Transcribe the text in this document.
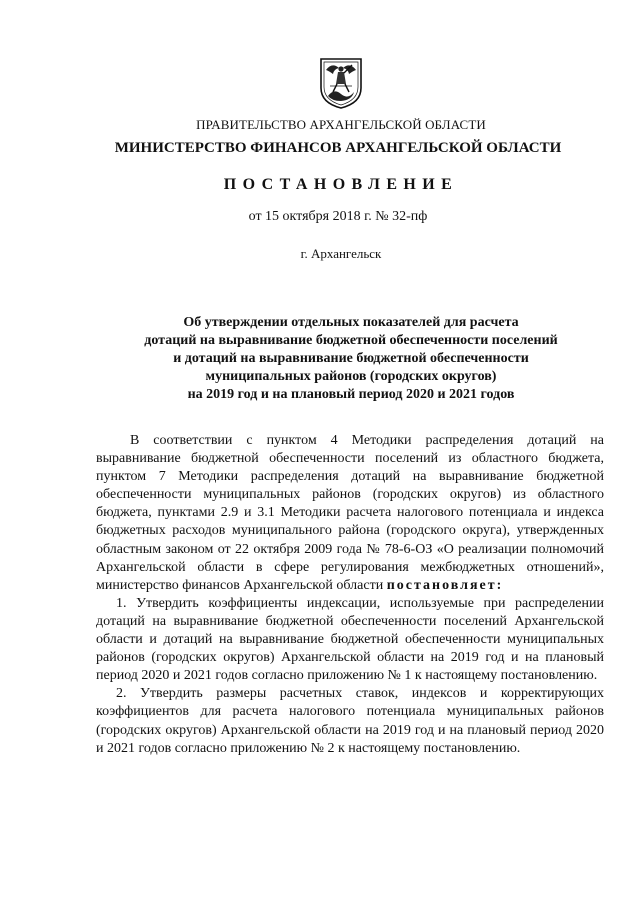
ПРАВИТЕЛЬСТВО АРХАНГЕЛЬСКОЙ ОБЛАСТИ
МИНИСТЕРСТВО ФИНАНСОВ АРХАНГЕЛЬСКОЙ ОБЛАСТИ
ПОСТАНОВЛЕНИЕ
от 15 октября 2018 г. № 32-пф
г. Архангельск
Об утверждении отдельных показателей для расчета
дотаций на выравнивание бюджетной обеспеченности поселений
и дотаций на выравнивание бюджетной обеспеченности
муниципальных районов (городских округов)
на 2019 год и на плановый период 2020 и 2021 годов

В соответствии с пунктом 4 Методики распределения дотаций на выравнивание бюджетной обеспеченности поселений из областного бюджета, пунктом 7 Методики распределения дотаций на выравнивание бюджетной обеспеченности муниципальных районов (городских округов) из областного бюджета, пунктами 2.9 и 3.1 Методики расчета налогового потенциала и индекса бюджетных расходов муниципального района (городского округа), утвержденных областным законом от 22 октября 2009 года № 78-6-ОЗ «О реализации полномочий Архангельской области в сфере регулирования межбюджетных отношений», министерство финансов Архангельской области постановляет:

1. Утвердить коэффициенты индексации, используемые при распределении дотаций на выравнивание бюджетной обеспеченности поселений Архангельской области и дотаций на выравнивание бюджетной обеспеченности муниципальных районов (городских округов) Архангельской области на 2019 год и на плановый период 2020 и 2021 годов согласно приложению № 1 к настоящему постановлению.

2. Утвердить размеры расчетных ставок, индексов и корректирующих коэффициентов для расчета налогового потенциала муниципальных районов (городских округов) Архангельской области на 2019 год и на плановый период 2020 и 2021 годов согласно приложению № 2 к настоящему постановлению.
